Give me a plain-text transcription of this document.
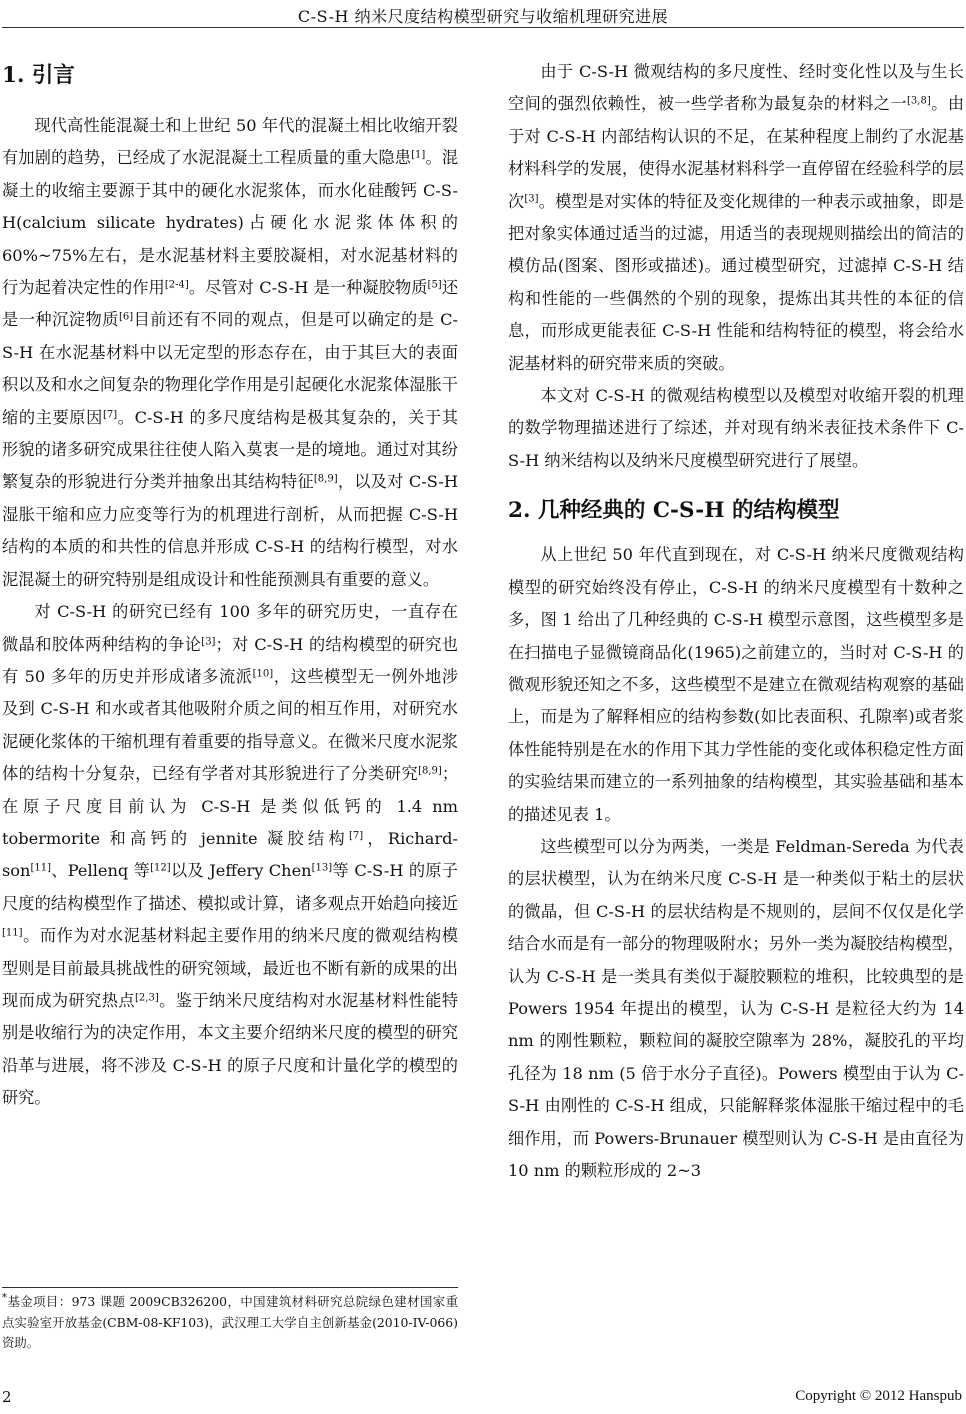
C-S-H 纳米尺度结构模型研究与收缩机理研究进展
1. 引言

现代高性能混凝土和上世纪 50 年代的混凝土相比收缩开裂有加剧的趋势，已经成了水泥混凝土工程质量的重大隐患[1]。混凝土的收缩主要源于其中的硬化水泥浆体，而水化硅酸钙 C-S-H(calcium silicate hydrates)占硬化水泥浆体体积的 60%~75%左右，是水泥基材料主要胶凝相，对水泥基材料的行为起着决定性的作用[2-4]。尽管对 C-S-H 是一种凝胶物质[5]还是一种沉淀物质[6]目前还有不同的观点，但是可以确定的是 C-S-H 在水泥基材料中以无定型的形态存在，由于其巨大的表面积以及和水之间复杂的物理化学作用是引起硬化水泥浆体湿胀干缩的主要原因[7]。C-S-H 的多尺度结构是极其复杂的，关于其形貌的诸多研究成果往往使人陷入莫衷一是的境地。通过对其纷繁复杂的形貌进行分类并抽象出其结构特征[8,9]，以及对 C-S-H 湿胀干缩和应力应变等行为的机理进行剖析，从而把握 C-S-H 结构的本质的和共性的信息并形成 C-S-H 的结构行模型，对水泥混凝土的研究特别是组成设计和性能预测具有重要的意义。

对 C-S-H 的研究已经有 100 多年的研究历史，一直存在微晶和胶体两种结构的争论[3]；对 C-S-H 的结构模型的研究也有 50 多年的历史并形成诸多流派[10]，这些模型无一例外地涉及到 C-S-H 和水或者其他吸附介质之间的相互作用，对研究水泥硬化浆体的干缩机理有着重要的指导意义。在微米尺度水泥浆体的结构十分复杂，已经有学者对其形貌进行了分类研究[8,9]；在原子尺度目前认为 C-S-H 是类似低钙的 1.4 nm tobermorite 和高钙的 jennite 凝胶结构[7]，Richard-son[11]、Pellenq 等[12]以及 Jeffery Chen[13]等 C-S-H 的原子尺度的结构模型作了描述、模拟或计算，诸多观点开始趋向接近[11]。而作为对水泥基材料起主要作用的纳米尺度的微观结构模型则是目前最具挑战性的研究领域，最近也不断有新的成果的出现而成为研究热点[2,3]。鉴于纳米尺度结构对水泥基材料性能特别是收缩行为的决定作用，本文主要介绍纳米尺度的模型的研究沿革与进展，将不涉及 C-S-H 的原子尺度和计量化学的模型的研究。

由于 C-S-H 微观结构的多尺度性、经时变化性以及与生长空间的强烈依赖性，被一些学者称为最复杂的材料之一[3,8]。由于对 C-S-H 内部结构认识的不足，在某种程度上制约了水泥基材料科学的发展，使得水泥基材料科学一直停留在经验科学的层次[3]。模型是对实体的特征及变化规律的一种表示或抽象，即是把对象实体通过适当的过滤，用适当的表现规则描绘出的简洁的模仿品(图案、图形或描述)。通过模型研究，过滤掉 C-S-H 结构和性能的一些偶然的个别的现象，提炼出其共性的本征的信息，而形成更能表征 C-S-H 性能和结构特征的模型，将会给水泥基材料的研究带来质的突破。

本文对 C-S-H 的微观结构模型以及模型对收缩开裂的机理的数学物理描述进行了综述，并对现有纳米表征技术条件下 C-S-H 纳米结构以及纳米尺度模型研究进行了展望。

2. 几种经典的 C-S-H 的结构模型

从上世纪 50 年代直到现在，对 C-S-H 纳米尺度微观结构模型的研究始终没有停止，C-S-H 的纳米尺度模型有十数种之多，图 1 给出了几种经典的 C-S-H 模型示意图，这些模型多是在扫描电子显微镜商品化(1965)之前建立的，当时对 C-S-H 的微观形貌还知之不多，这些模型不是建立在微观结构观察的基础上，而是为了解释相应的结构参数(如比表面积、孔隙率)或者浆体性能特别是在水的作用下其力学性能的变化或体积稳定性方面的实验结果而建立的一系列抽象的结构模型，其实验基础和基本的描述见表 1。

这些模型可以分为两类，一类是 Feldman-Sereda 为代表的层状模型，认为在纳米尺度 C-S-H 是一种类似于粘土的层状的微晶，但 C-S-H 的层状结构是不规则的，层间不仅仅是化学结合水而是有一部分的物理吸附水；另外一类为凝胶结构模型，认为 C-S-H 是一类具有类似于凝胶颗粒的堆积，比较典型的是 Powers 1954 年提出的模型，认为 C-S-H 是粒径大约为 14 nm 的刚性颗粒，颗粒间的凝胶空隙率为 28%，凝胶孔的平均孔径为 18 nm (5 倍于水分子直径)。Powers 模型由于认为 C-S-H 由刚性的 C-S-H 组成，只能解释浆体湿胀干缩过程中的毛细作用，而 Powers-Brunauer 模型则认为 C-S-H 是由直径为 10 nm 的颗粒形成的 2~3

*基金项目：973 课题 2009CB326200，中国建筑材料研究总院绿色建材国家重点实验室开放基金(CBM-08-KF103)，武汉理工大学自主创新基金(2010-IV-066)资助。
2	Copyright © 2012 Hanspub
